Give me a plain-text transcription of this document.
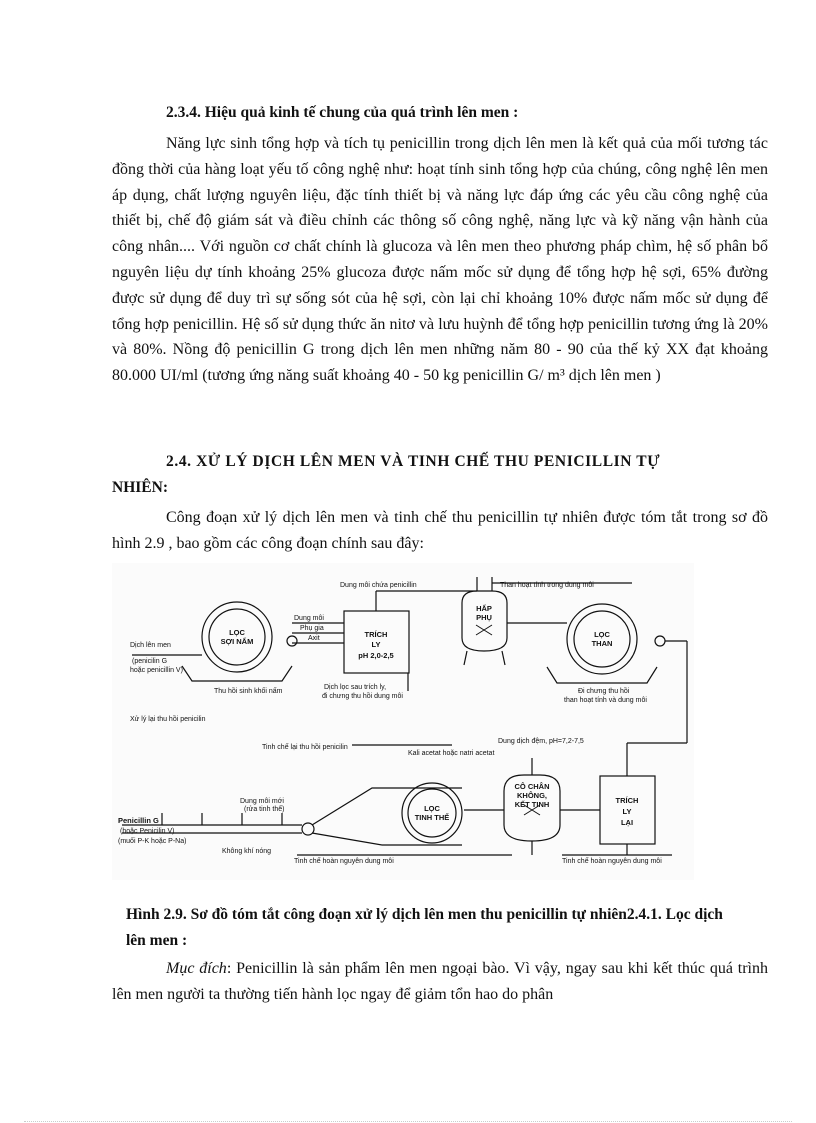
2.3.4. Hiệu quả kinh tế chung của quá trình lên men :

Năng lực sinh tổng hợp và tích tụ penicillin trong dịch lên men là kết quả của mối tương tác đồng thời của hàng loạt yếu tố công nghệ như: hoạt tính sinh tổng hợp của chúng, công nghệ lên men áp dụng, chất lượng nguyên liệu, đặc tính thiết bị và năng lực đáp ứng các yêu cầu công nghệ của thiết bị, chế độ giám sát và điều chỉnh các thông số công nghệ, năng lực và kỹ năng vận hành của công nhân.... Với nguồn cơ chất chính là glucoza và lên men theo phương pháp chìm, hệ số phân bổ nguyên liệu dự tính khoảng 25% glucoza được nấm mốc sử dụng để tổng hợp hệ sợi, 65% đường được sử dụng để duy trì sự sống sót của hệ sợi, còn lại chỉ khoảng 10% được nấm mốc sử dụng để tổng hợp penicillin. Hệ số sử dụng thức ăn nitơ và lưu huỳnh để tổng hợp penicillin tương ứng là 20% và 80%. Nồng độ penicillin G trong dịch lên men những năm 80 - 90 của thế kỷ XX đạt khoảng 80.000 UI/ml (tương ứng năng suất khoảng 40 - 50 kg penicillin G/ m³ dịch lên men )

2.4. XỬ LÝ DỊCH LÊN MEN VÀ TINH CHẾ THU PENICILLIN TỰ
NHIÊN:

Công đoạn xử lý dịch lên men và tinh chế thu penicillin tự nhiên được tóm tắt trong sơ đồ hình 2.9 , bao gồm các công đoạn chính sau đây:

LỌC
SỢI NẤM
TRÍCH
LY
pH 2,0-2,5
HẤP
PHỤ
LỌC
THAN
LỌC
TINH THỂ
CÔ CHÂN
KHÔNG,
KẾT TINH	TRÍCH
LY
LẠI
Dung môi chứa penicillin	Than hoạt tính trong dung môi
Dung môi
Phụ gia
Axit
Dịch lên men
(penicilin G
hoặc penicillin V)
Thu hồi sinh khối nấm
Dịch lọc sau trích ly,
đi chưng thu hồi dung môi
Đi chưng thu hồi
than hoạt tính và dung môi
Xử lý lại thu hồi penicilin
Tinh chế lại thu hồi penicilin
Kali acetat hoặc natri acetat
Dung dịch đệm, pH=7,2-7,5
Dung môi mới
(rửa tinh thể)
Penicillin G
(hoặc Penicilin V)
(muối P-K hoặc P-Na)
Không khí nóng
Tinh chế hoàn nguyên dung môi	Tinh chế hoàn nguyên dung môi

Hình 2.9. Sơ đồ tóm tắt công đoạn xử lý dịch lên men thu penicillin tự nhiên2.4.1. Lọc dịch lên men :

Mục đích: Penicillin là sản phẩm lên men ngoại bào. Vì vậy, ngay sau khi kết thúc quá trình lên men người ta thường tiến hành lọc ngay để giảm tổn hao do phân
